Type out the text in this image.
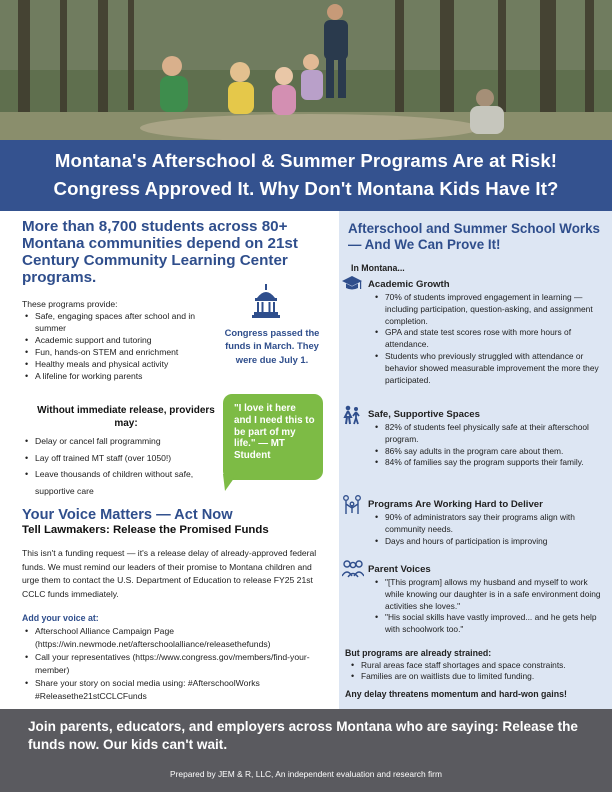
Montana's Afterschool & Summer Programs Are at Risk!
Congress Approved It. Why Don't Montana Kids Have It?
More than 8,700 students across 80+ Montana communities depend on 21st Century Community Learning Center programs.
These programs provide:
• Safe, engaging spaces after school and in summer
• Academic support and tutoring
• Fun, hands-on STEM and enrichment
• Healthy meals and physical activity
• A lifeline for working parents
Congress passed the funds in March. They were due July 1.
Without immediate release, providers may:
• Delay or cancel fall programming
• Lay off trained MT staff (over 1050!)
• Leave thousands of children without safe, supportive care
"I love it here and I need this to be part of my life." — MT Student
Your Voice Matters — Act Now
Tell Lawmakers: Release the Promised Funds
This isn't a funding request — it's a release delay of already-approved federal funds. We must remind our leaders of their promise to Montana children and urge them to contact the U.S. Department of Education to release FY25 21st CCLC funds immediately.
Add your voice at:
• Afterschool Alliance Campaign Page (https://win.newmode.net/afterschoolalliance/releasethefunds)
• Call your representatives (https://www.congress.gov/members/find-your-member)
• Share your story on social media using: #AfterschoolWorks #Releasethe21stCCLCFunds
Afterschool and Summer School Works — And We Can Prove It!
In Montana...
Academic Growth
• 70% of students improved engagement in learning — including participation, question-asking, and assignment completion.
• GPA and state test scores rose with more hours of attendance.
• Students who previously struggled with attendance or behavior showed measurable improvement the more they participated.
Safe, Supportive Spaces
• 82% of students feel physically safe at their afterschool program.
• 86% say adults in the program care about them.
• 84% of families say the program supports their family.
Programs Are Working Hard to Deliver
• 90% of administrators say their programs align with community needs.
• Days and hours of participation is improving
Parent Voices
• "[This program] allows my husband and myself to work while knowing our daughter is in a safe environment doing activities she loves."
• "His social skills have vastly improved... and he gets help with schoolwork too."
But programs are already strained:
• Rural areas face staff shortages and space constraints.
• Families are on waitlists due to limited funding.
Any delay threatens momentum and hard-won gains!
Join parents, educators, and employers across Montana who are saying: Release the funds now. Our kids can't wait.
Prepared by JEM & R, LLC, An independent evaluation and research firm
